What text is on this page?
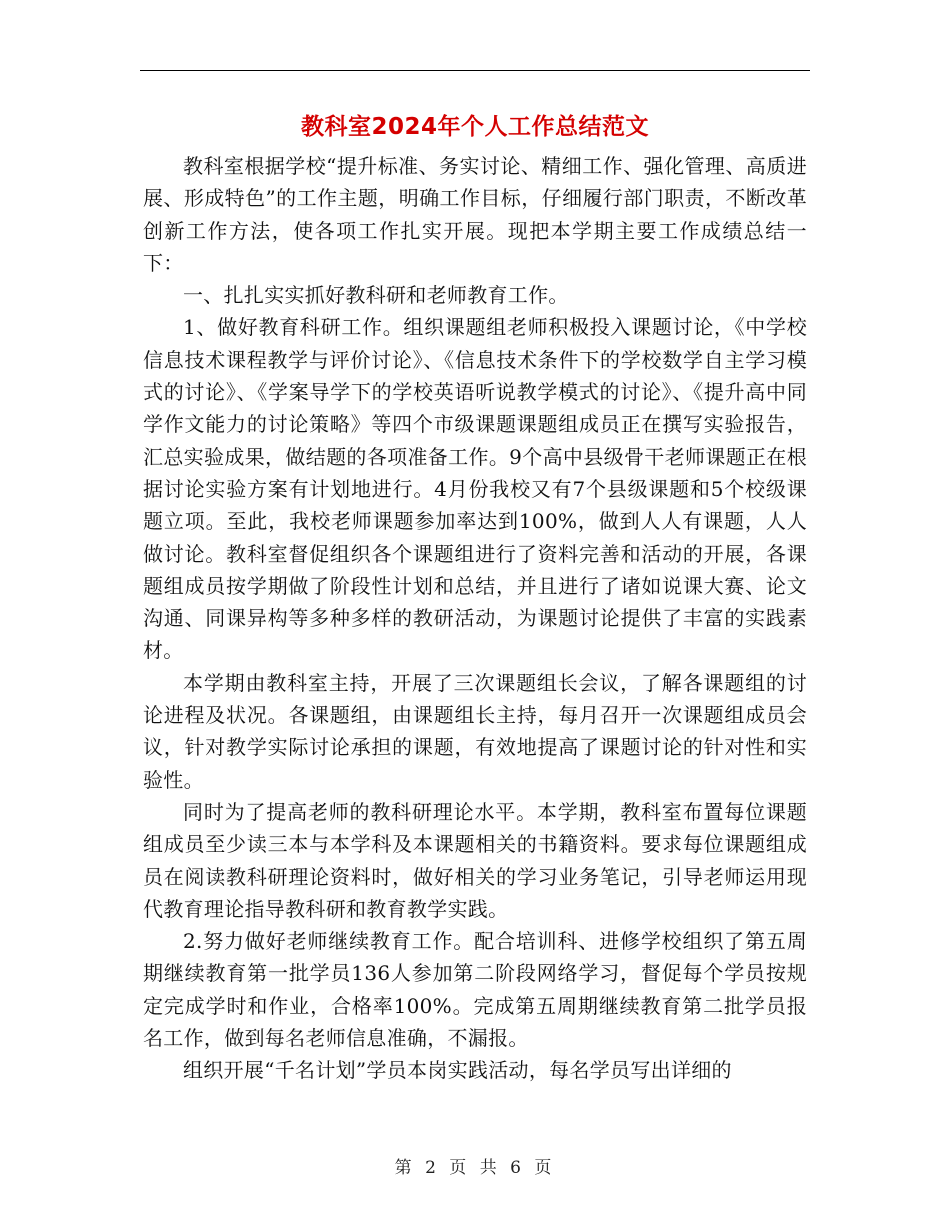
教科室2024年个人工作总结范文

教科室根据学校“提升标准、务实讨论、精细工作、强化管理、高质进展、形成特色”的工作主题，明确工作目标，仔细履行部门职责，不断改革创新工作方法，使各项工作扎实开展。现把本学期主要工作成绩总结一下：

一、扎扎实实抓好教科研和老师教育工作。

1、做好教育科研工作。组织课题组老师积极投入课题讨论，《中学校信息技术课程教学与评价讨论》、《信息技术条件下的学校数学自主学习模式的讨论》、《学案导学下的学校英语听说教学模式的讨论》、《提升高中同学作文能力的讨论策略》等四个市级课题课题组成员正在撰写实验报告，汇总实验成果，做结题的各项准备工作。9个高中县级骨干老师课题正在根据讨论实验方案有计划地进行。4月份我校又有7个县级课题和5个校级课题立项。至此，我校老师课题参加率达到100%，做到人人有课题，人人做讨论。教科室督促组织各个课题组进行了资料完善和活动的开展，各课题组成员按学期做了阶段性计划和总结，并且进行了诸如说课大赛、论文沟通、同课异构等多种多样的教研活动，为课题讨论提供了丰富的实践素材。

本学期由教科室主持，开展了三次课题组长会议，了解各课题组的讨论进程及状况。各课题组，由课题组长主持，每月召开一次课题组成员会议，针对教学实际讨论承担的课题，有效地提高了课题讨论的针对性和实验性。

同时为了提高老师的教科研理论水平。本学期，教科室布置每位课题组成员至少读三本与本学科及本课题相关的书籍资料。要求每位课题组成员在阅读教科研理论资料时，做好相关的学习业务笔记，引导老师运用现代教育理论指导教科研和教育教学实践。

2.努力做好老师继续教育工作。配合培训科、进修学校组织了第五周期继续教育第一批学员136人参加第二阶段网络学习，督促每个学员按规定完成学时和作业，合格率100%。完成第五周期继续教育第二批学员报名工作，做到每名老师信息准确，不漏报。

组织开展“千名计划”学员本岗实践活动，每名学员写出详细的

第 2 页 共 6 页
